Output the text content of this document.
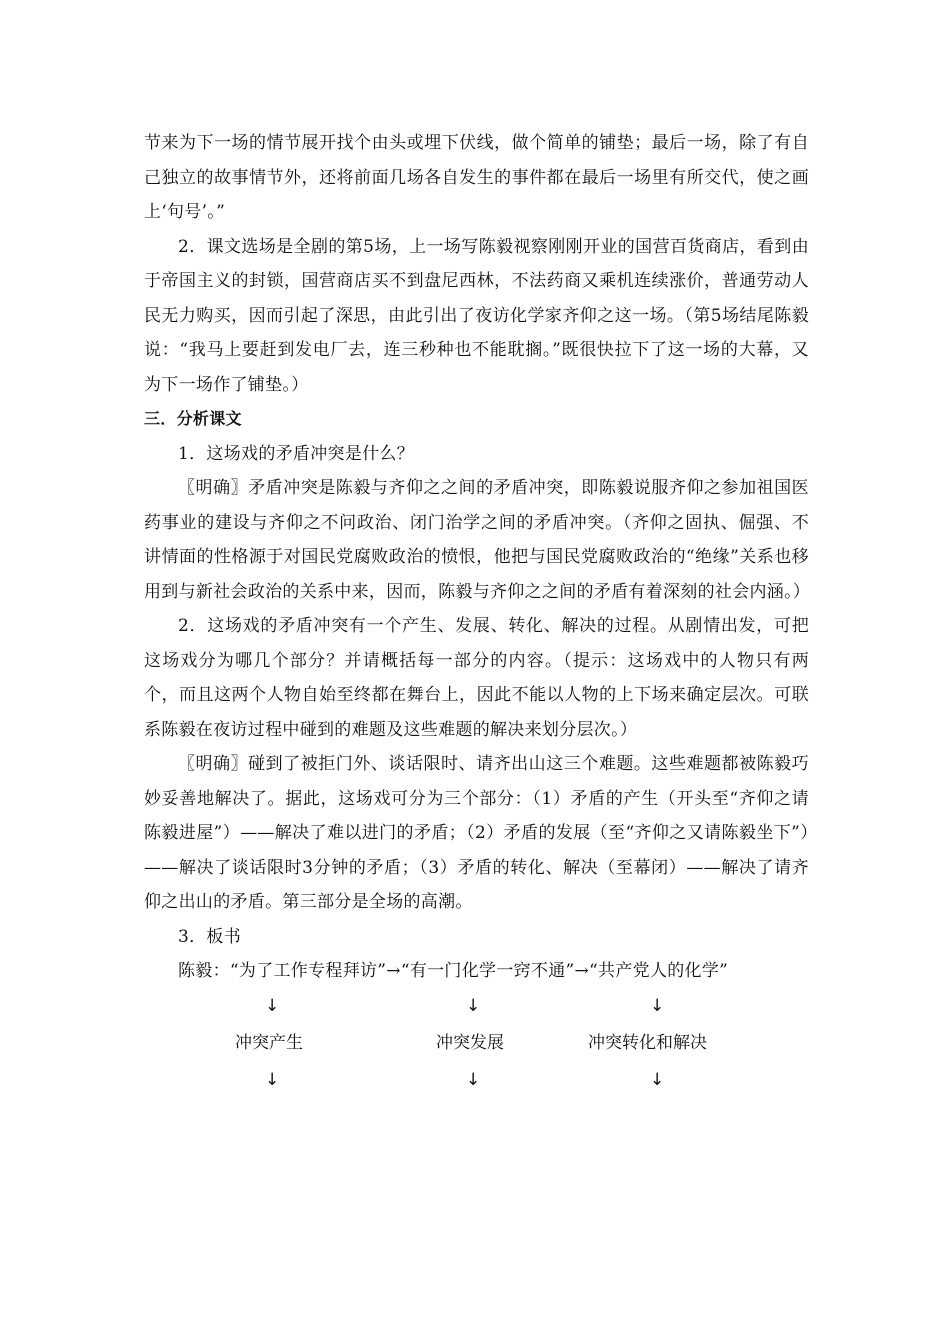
节来为下一场的情节展开找个由头或埋下伏线，做个简单的铺垫；最后一场，除了有自己独立的故事情节外，还将前面几场各自发生的事件都在最后一场里有所交代，使之画上‘句号’。”

2．课文选场是全剧的第5场，上一场写陈毅视察刚刚开业的国营百货商店，看到由于帝国主义的封锁，国营商店买不到盘尼西林，不法药商又乘机连续涨价，普通劳动人民无力购买，因而引起了深思，由此引出了夜访化学家齐仰之这一场。（第5场结尾陈毅说：“我马上要赶到发电厂去，连三秒种也不能耽搁。”既很快拉下了这一场的大幕，又为下一场作了铺垫。）

三．分析课文

1．这场戏的矛盾冲突是什么？

〖明确〗矛盾冲突是陈毅与齐仰之之间的矛盾冲突，即陈毅说服齐仰之参加祖国医药事业的建设与齐仰之不问政治、闭门治学之间的矛盾冲突。（齐仰之固执、倔强、不讲情面的性格源于对国民党腐败政治的愤恨，他把与国民党腐败政治的“绝缘”关系也移用到与新社会政治的关系中来，因而，陈毅与齐仰之之间的矛盾有着深刻的社会内涵。）

2．这场戏的矛盾冲突有一个产生、发展、转化、解决的过程。从剧情出发，可把这场戏分为哪几个部分？并请概括每一部分的内容。（提示：这场戏中的人物只有两个，而且这两个人物自始至终都在舞台上，因此不能以人物的上下场来确定层次。可联系陈毅在夜访过程中碰到的难题及这些难题的解决来划分层次。）

〖明确〗碰到了被拒门外、谈话限时、请齐出山这三个难题。这些难题都被陈毅巧妙妥善地解决了。据此，这场戏可分为三个部分：（1）矛盾的产生（开头至“齐仰之请陈毅进屋”）——解决了难以进门的矛盾；（2）矛盾的发展（至“齐仰之又请陈毅坐下”）——解决了谈话限时3分钟的矛盾；（3）矛盾的转化、解决（至幕闭）——解决了请齐仰之出山的矛盾。第三部分是全场的高潮。

3．板书

陈毅：“为了工作专程拜访”→“有一门化学一窍不通”→“共产党人的化学”

↓	↓	↓
冲突产生	冲突发展	冲突转化和解决
↓	↓	↓
